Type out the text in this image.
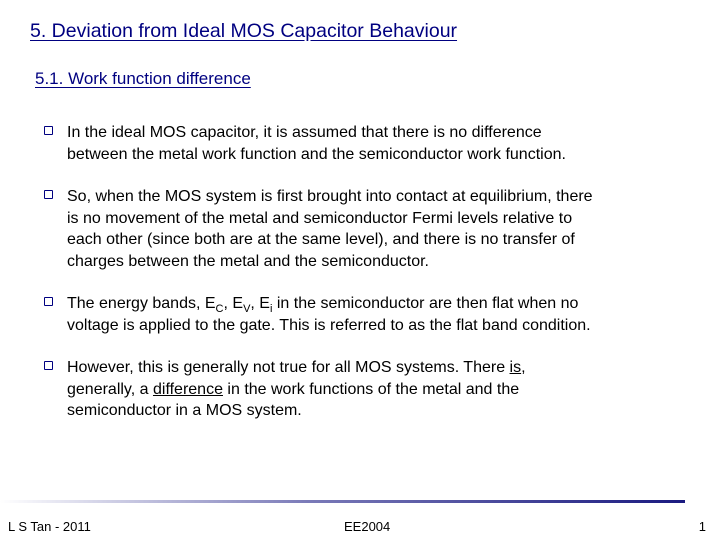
5. Deviation from Ideal MOS Capacitor Behaviour
5.1. Work function difference
In the ideal MOS capacitor, it is assumed that there is no difference
between the metal work function and the semiconductor work function.
So, when the MOS system is first brought into contact at equilibrium, there
is no movement of the metal and semiconductor Fermi levels relative to
each other (since both are at the same level), and there is no transfer of
charges between the metal and the semiconductor.
The energy bands, $E_C$, $E_V$, $E_i$ in the semiconductor are then flat when no
voltage is applied to the gate. This is referred to as the flat band condition.
However, this is generally not true for all MOS systems. There is,
generally, a difference in the work functions of the metal and the
semiconductor in a MOS system.
L S Tan - 2011	EE2004	1
